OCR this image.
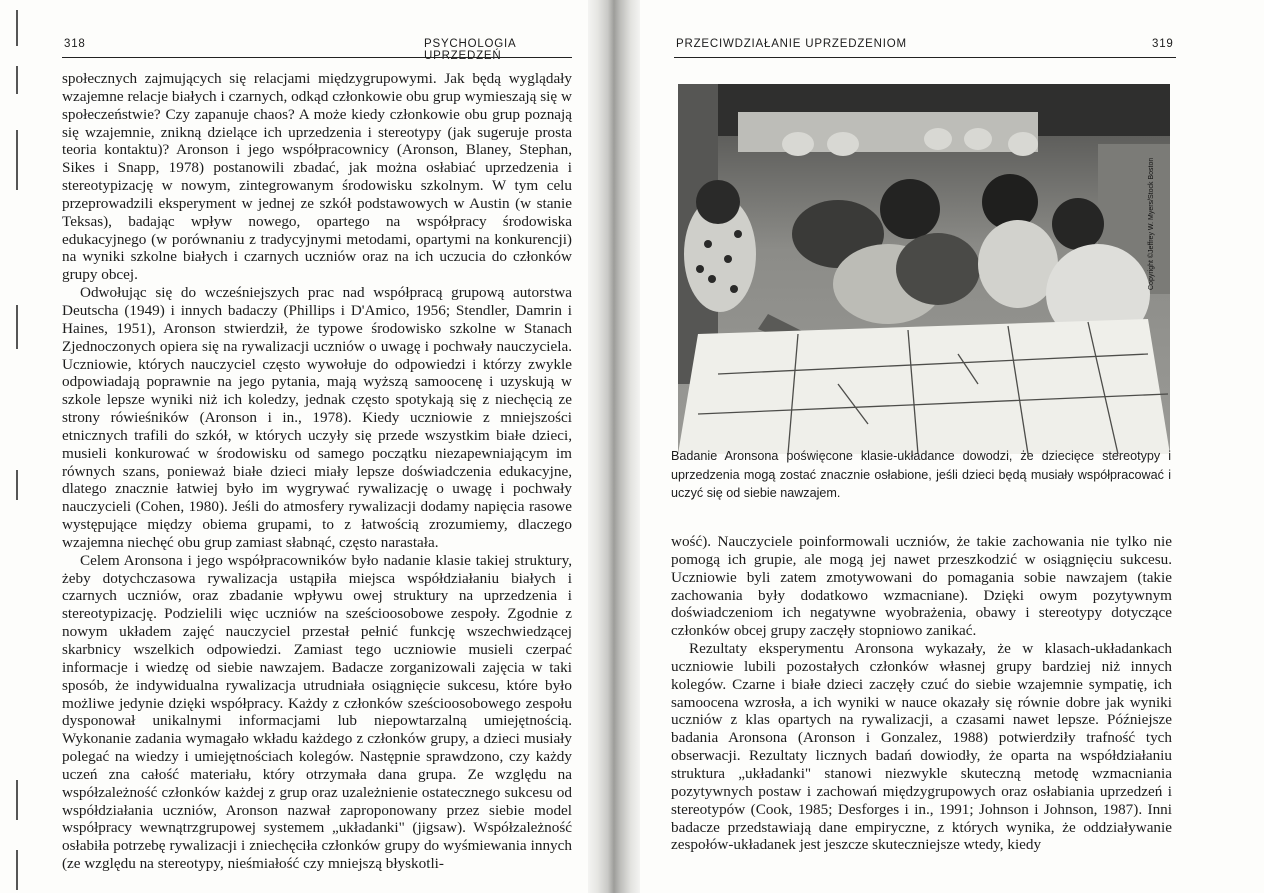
318	PSYCHOLOGIA UPRZEDZEŃ

społecznych zajmujących się relacjami międzygrupowymi. Jak będą wyglądały wzajemne relacje białych i czarnych, odkąd członkowie obu grup wymieszają się w społeczeństwie? Czy zapanuje chaos? A może kiedy członkowie obu grup poznają się wzajemnie, znikną dzielące ich uprzedzenia i stereotypy (jak sugeruje prosta teoria kontaktu)? Aronson i jego współpracownicy (Aronson, Blaney, Stephan, Sikes i Snapp, 1978) postanowili zbadać, jak można osłabiać uprzedzenia i stereotypizację w nowym, zintegrowanym środowisku szkolnym. W tym celu przeprowadzili eksperyment w jednej ze szkół podstawowych w Austin (w stanie Teksas), badając wpływ nowego, opartego na współpracy środowiska edukacyjnego (w porównaniu z tradycyjnymi metodami, opartymi na konkurencji) na wyniki szkolne białych i czarnych uczniów oraz na ich uczucia do członków grupy obcej.

Odwołując się do wcześniejszych prac nad współpracą grupową autorstwa Deutscha (1949) i innych badaczy (Phillips i D'Amico, 1956; Stendler, Damrin i Haines, 1951), Aronson stwierdził, że typowe środowisko szkolne w Stanach Zjednoczonych opiera się na rywalizacji uczniów o uwagę i pochwały nauczyciela. Uczniowie, których nauczyciel często wywołuje do odpowiedzi i którzy zwykle odpowiadają poprawnie na jego pytania, mają wyższą samoocenę i uzyskują w szkole lepsze wyniki niż ich koledzy, jednak często spotykają się z niechęcią ze strony rówieśników (Aronson i in., 1978). Kiedy uczniowie z mniejszości etnicznych trafili do szkół, w których uczyły się przede wszystkim białe dzieci, musieli konkurować w środowisku od samego początku niezapewniającym im równych szans, ponieważ białe dzieci miały lepsze doświadczenia edukacyjne, dlatego znacznie łatwiej było im wygrywać rywalizację o uwagę i pochwały nauczycieli (Cohen, 1980). Jeśli do atmosfery rywalizacji dodamy napięcia rasowe występujące między obiema grupami, to z łatwością zrozumiemy, dlaczego wzajemna niechęć obu grup zamiast słabnąć, często narastała.

Celem Aronsona i jego współpracowników było nadanie klasie takiej struktury, żeby dotychczasowa rywalizacja ustąpiła miejsca współdziałaniu białych i czarnych uczniów, oraz zbadanie wpływu owej struktury na uprzedzenia i stereotypizację. Podzielili więc uczniów na sześcioosobowe zespoły. Zgodnie z nowym układem zajęć nauczyciel przestał pełnić funkcję wszechwiedzącej skarbnicy wszelkich odpowiedzi. Zamiast tego uczniowie musieli czerpać informacje i wiedzę od siebie nawzajem. Badacze zorganizowali zajęcia w taki sposób, że indywidualna rywalizacja utrudniała osiągnięcie sukcesu, które było możliwe jedynie dzięki współpracy. Każdy z członków sześcioosobowego zespołu dysponował unikalnymi informacjami lub niepowtarzalną umiejętnością. Wykonanie zadania wymagało wkładu każdego z członków grupy, a dzieci musiały polegać na wiedzy i umiejętnościach kolegów. Następnie sprawdzono, czy każdy uczeń zna całość materiału, który otrzymała dana grupa. Ze względu na współzależność członków każdej z grup oraz uzależnienie ostatecznego sukcesu od współdziałania uczniów, Aronson nazwał zaproponowany przez siebie model współpracy wewnątrzgrupowej systemem „układanki" (jigsaw). Współzależność osłabiła potrzebę rywalizacji i zniechęciła członków grupy do wyśmiewania innych (ze względu na stereotypy, nieśmiałość czy mniejszą błyskotli-

PRZECIWDZIAŁANIE UPRZEDZENIOM	319
Copyright ©Jeffrey W. Myers/Stock Boston
Badanie Aronsona poświęcone klasie-układance dowodzi, że dziecięce stereotypy i uprzedzenia mogą zostać znacznie osłabione, jeśli dzieci będą musiały współpracować i uczyć się od siebie nawzajem.

wość). Nauczyciele poinformowali uczniów, że takie zachowania nie tylko nie pomogą ich grupie, ale mogą jej nawet przeszkodzić w osiągnięciu sukcesu. Uczniowie byli zatem zmotywowani do pomagania sobie nawzajem (takie zachowania były dodatkowo wzmacniane). Dzięki owym pozytywnym doświadczeniom ich negatywne wyobrażenia, obawy i stereotypy dotyczące członków obcej grupy zaczęły stopniowo zanikać.

Rezultaty eksperymentu Aronsona wykazały, że w klasach-układankach uczniowie lubili pozostałych członków własnej grupy bardziej niż innych kolegów. Czarne i białe dzieci zaczęły czuć do siebie wzajemnie sympatię, ich samoocena wzrosła, a ich wyniki w nauce okazały się równie dobre jak wyniki uczniów z klas opartych na rywalizacji, a czasami nawet lepsze. Późniejsze badania Aronsona (Aronson i Gonzalez, 1988) potwierdziły trafność tych obserwacji. Rezultaty licznych badań dowiodły, że oparta na współdziałaniu struktura „układanki" stanowi niezwykle skuteczną metodę wzmacniania pozytywnych postaw i zachowań międzygrupowych oraz osłabiania uprzedzeń i stereotypów (Cook, 1985; Desforges i in., 1991; Johnson i Johnson, 1987). Inni badacze przedstawiają dane empiryczne, z których wynika, że oddziaływanie zespołów-układanek jest jeszcze skuteczniejsze wtedy, kiedy
